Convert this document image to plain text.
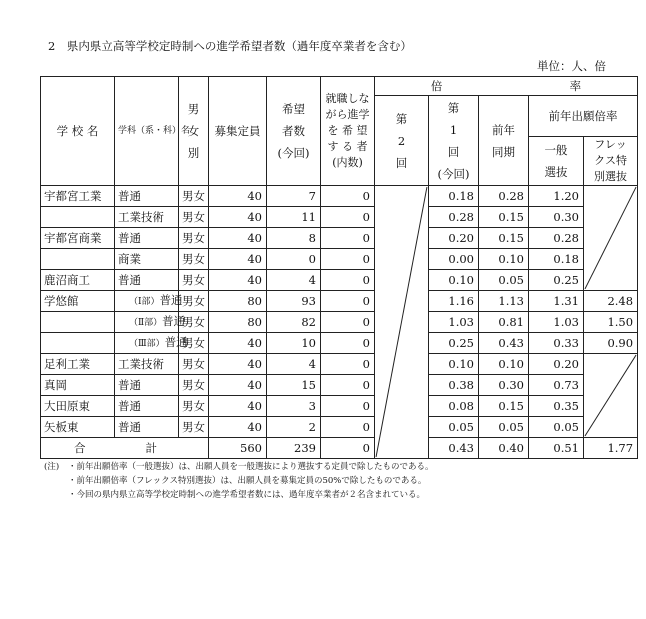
2　県内県立高等学校定時制への進学希望者数（過年度卒業者を含む）
単位：人、倍
学 校 名	学科（系・科）名	男
女
別	募集定員	希望
者数
(今回)	就職しな
がら進学
を 希 望
す る 者
(内数)	倍 率				

						第
2
回	第
1
回
(今回)	前年
同期	前年出願倍率	

									一般
選抜	フレッ
クス特
別選抜

宇都宮工業	普通	男女	40	7	0		0.18	0.28	1.20	

	工業技術	男女	40	11	0		0.28	0.15	0.30	
宇都宮商業	普通	男女	40	8	0		0.20	0.15	0.28	
	商業	男女	40	0	0		0.00	0.10	0.18	
鹿沼商工	普通	男女	40	4	0		0.10	0.05	0.25	
学悠館	（Ⅰ部）普通	男女	80	93	0		1.16	1.13	1.31	2.48
	（Ⅱ部）普通	男女	80	82	0		1.03	0.81	1.03	1.50
	（Ⅲ部）普通	男女	40	10	0		0.25	0.43	0.33	0.90
足利工業	工業技術	男女	40	4	0		0.10	0.10	0.20	

真岡	普通	男女	40	15	0		0.38	0.30	0.73	
大田原東	普通	男女	40	3	0		0.08	0.15	0.35	
矢板東	普通	男女	40	2	0		0.05	0.05	0.05	
合 計			560	239	0		0.43	0.40	0.51	1.77
(注) ・前年出願倍率（一般選抜）は、出願人員を一般選抜により選抜する定員で除したものである。
・前年出願倍率（フレックス特別選抜）は、出願人員を募集定員の50%で除したものである。
・今回の県内県立高等学校定時制への進学希望者数には、過年度卒業者が２名含まれている。
